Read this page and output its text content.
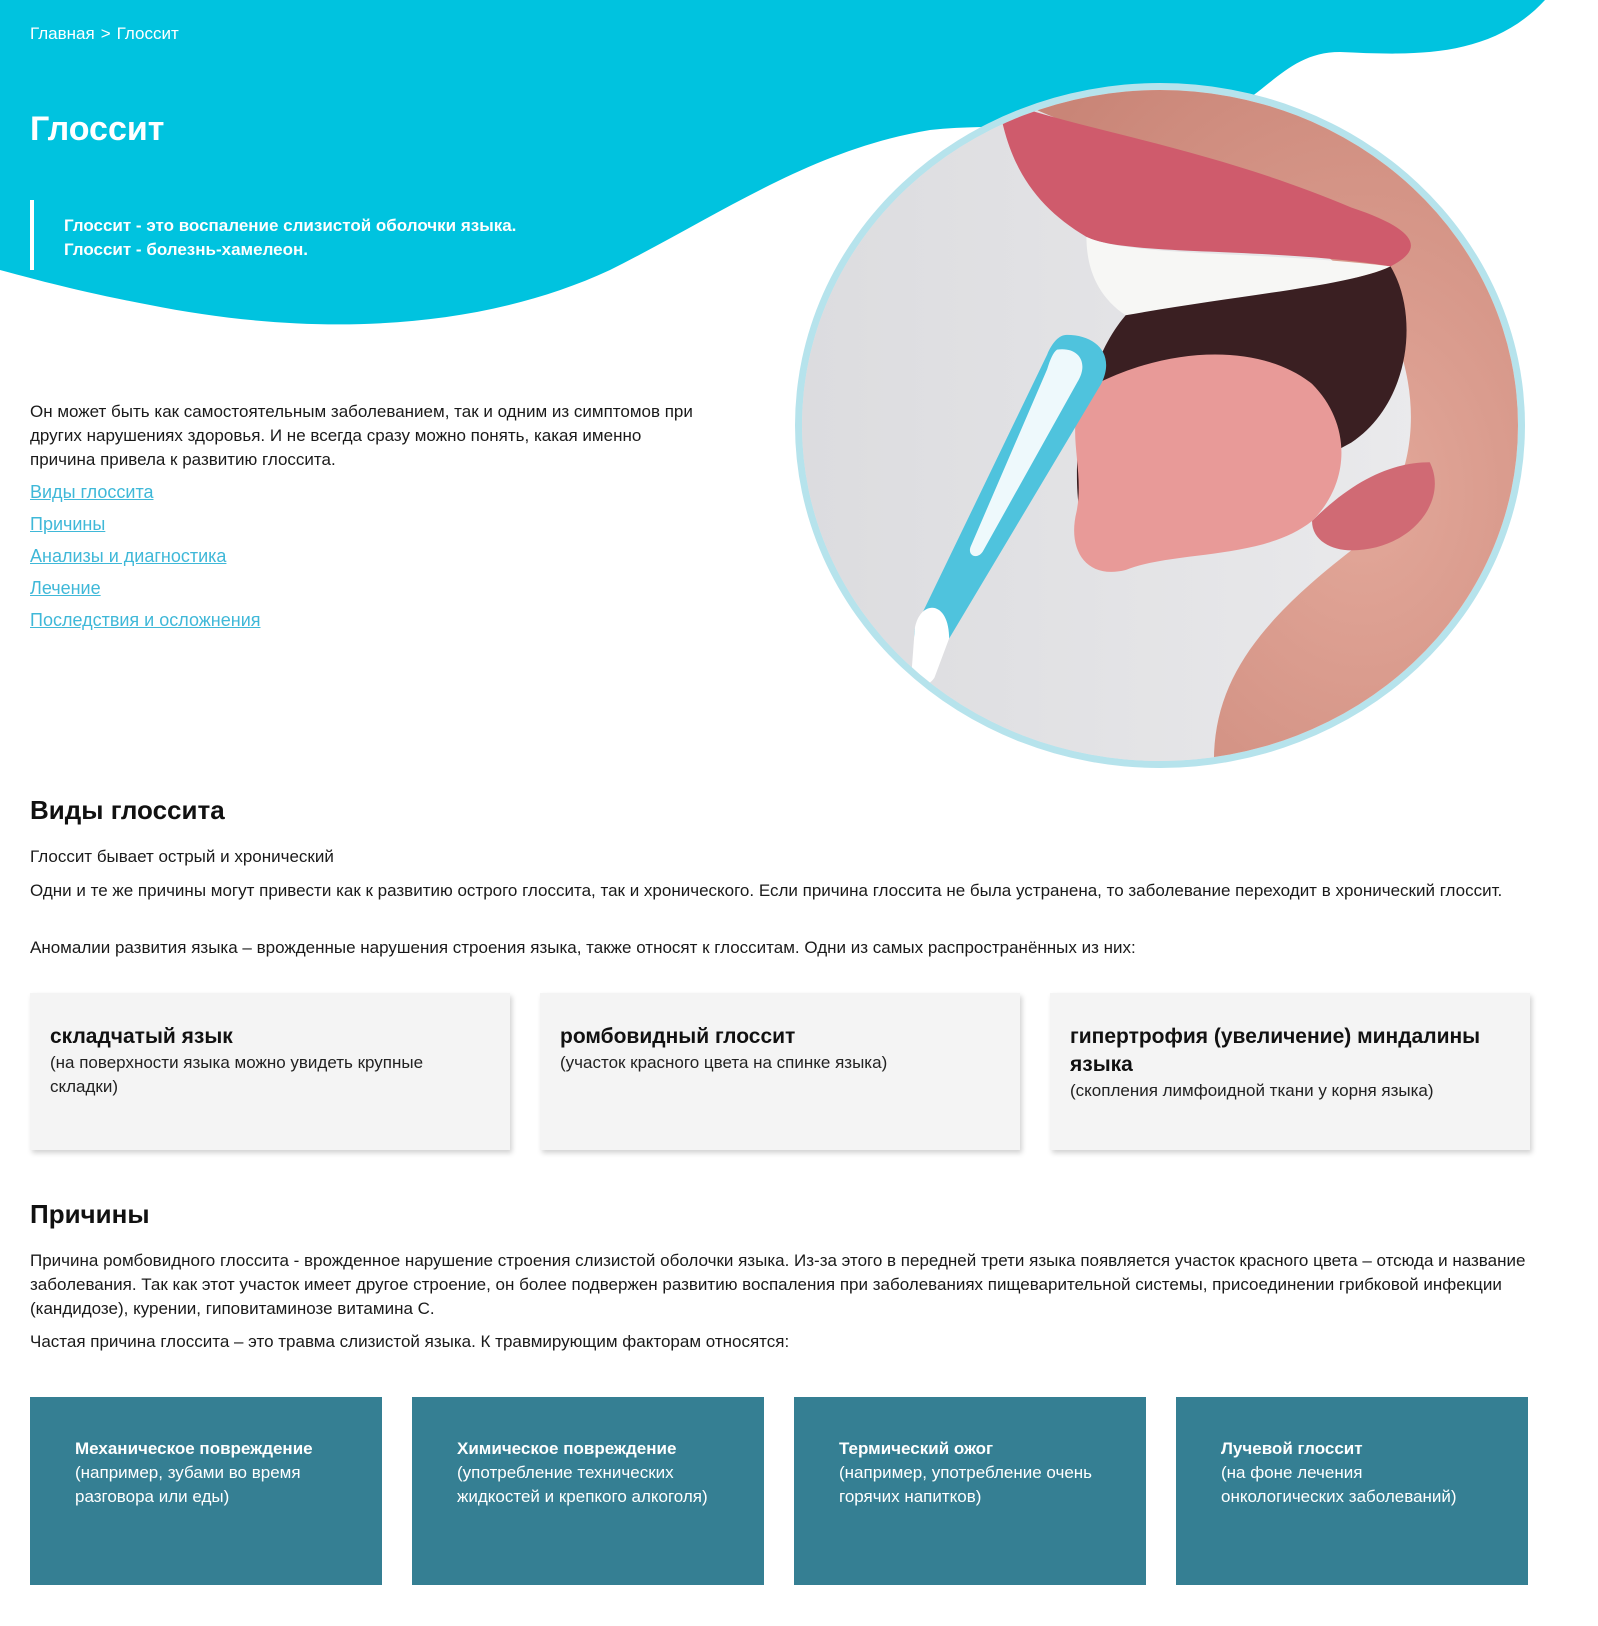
Главная > Глоссит
Глоссит
Глоссит - это воспаление слизистой оболочки языка.
Глоссит - болезнь-хамелеон.

Он может быть как самостоятельным заболеванием, так и одним из симптомов при других нарушениях здоровья. И не всегда сразу можно понять, какая именно причина привела к развитию глоссита.

Виды глоссита
Причины
Анализы и диагностика
Лечение
Последствия и осложнения
Виды глоссита

Глоссит бывает острый и хронический

Одни и те же причины могут привести как к развитию острого глоссита, так и хронического. Если причина глоссита не была устранена, то заболевание переходит в хронический глоссит.

Аномалии развития языка – врожденные нарушения строения языка, также относят к глосситам. Одни из самых распространённых из них:

складчатый язык
(на поверхности языка можно увидеть крупные складки)
ромбовидный глоссит
(участок красного цвета на спинке языка)
гипертрофия (увеличение) миндалины языка
(скопления лимфоидной ткани у корня языка)
Причины

Причина ромбовидного глоссита - врожденное нарушение строения слизистой оболочки языка. Из-за этого в передней трети языка появляется участок красного цвета – отсюда и название заболевания. Так как этот участок имеет другое строение, он более подвержен развитию воспаления при заболеваниях пищеварительной системы, присоединении грибковой инфекции (кандидозе), курении, гиповитаминозе витамина С.

Частая причина глоссита – это травма слизистой языка. К травмирующим факторам относятся:

Механическое повреждение
(например, зубами во время разговора или еды)
Химическое повреждение
(употребление технических жидкостей и крепкого алкоголя)
Термический ожог
(например, употребление очень горячих напитков)
Лучевой глоссит
(на фоне лечения онкологических заболеваний)
